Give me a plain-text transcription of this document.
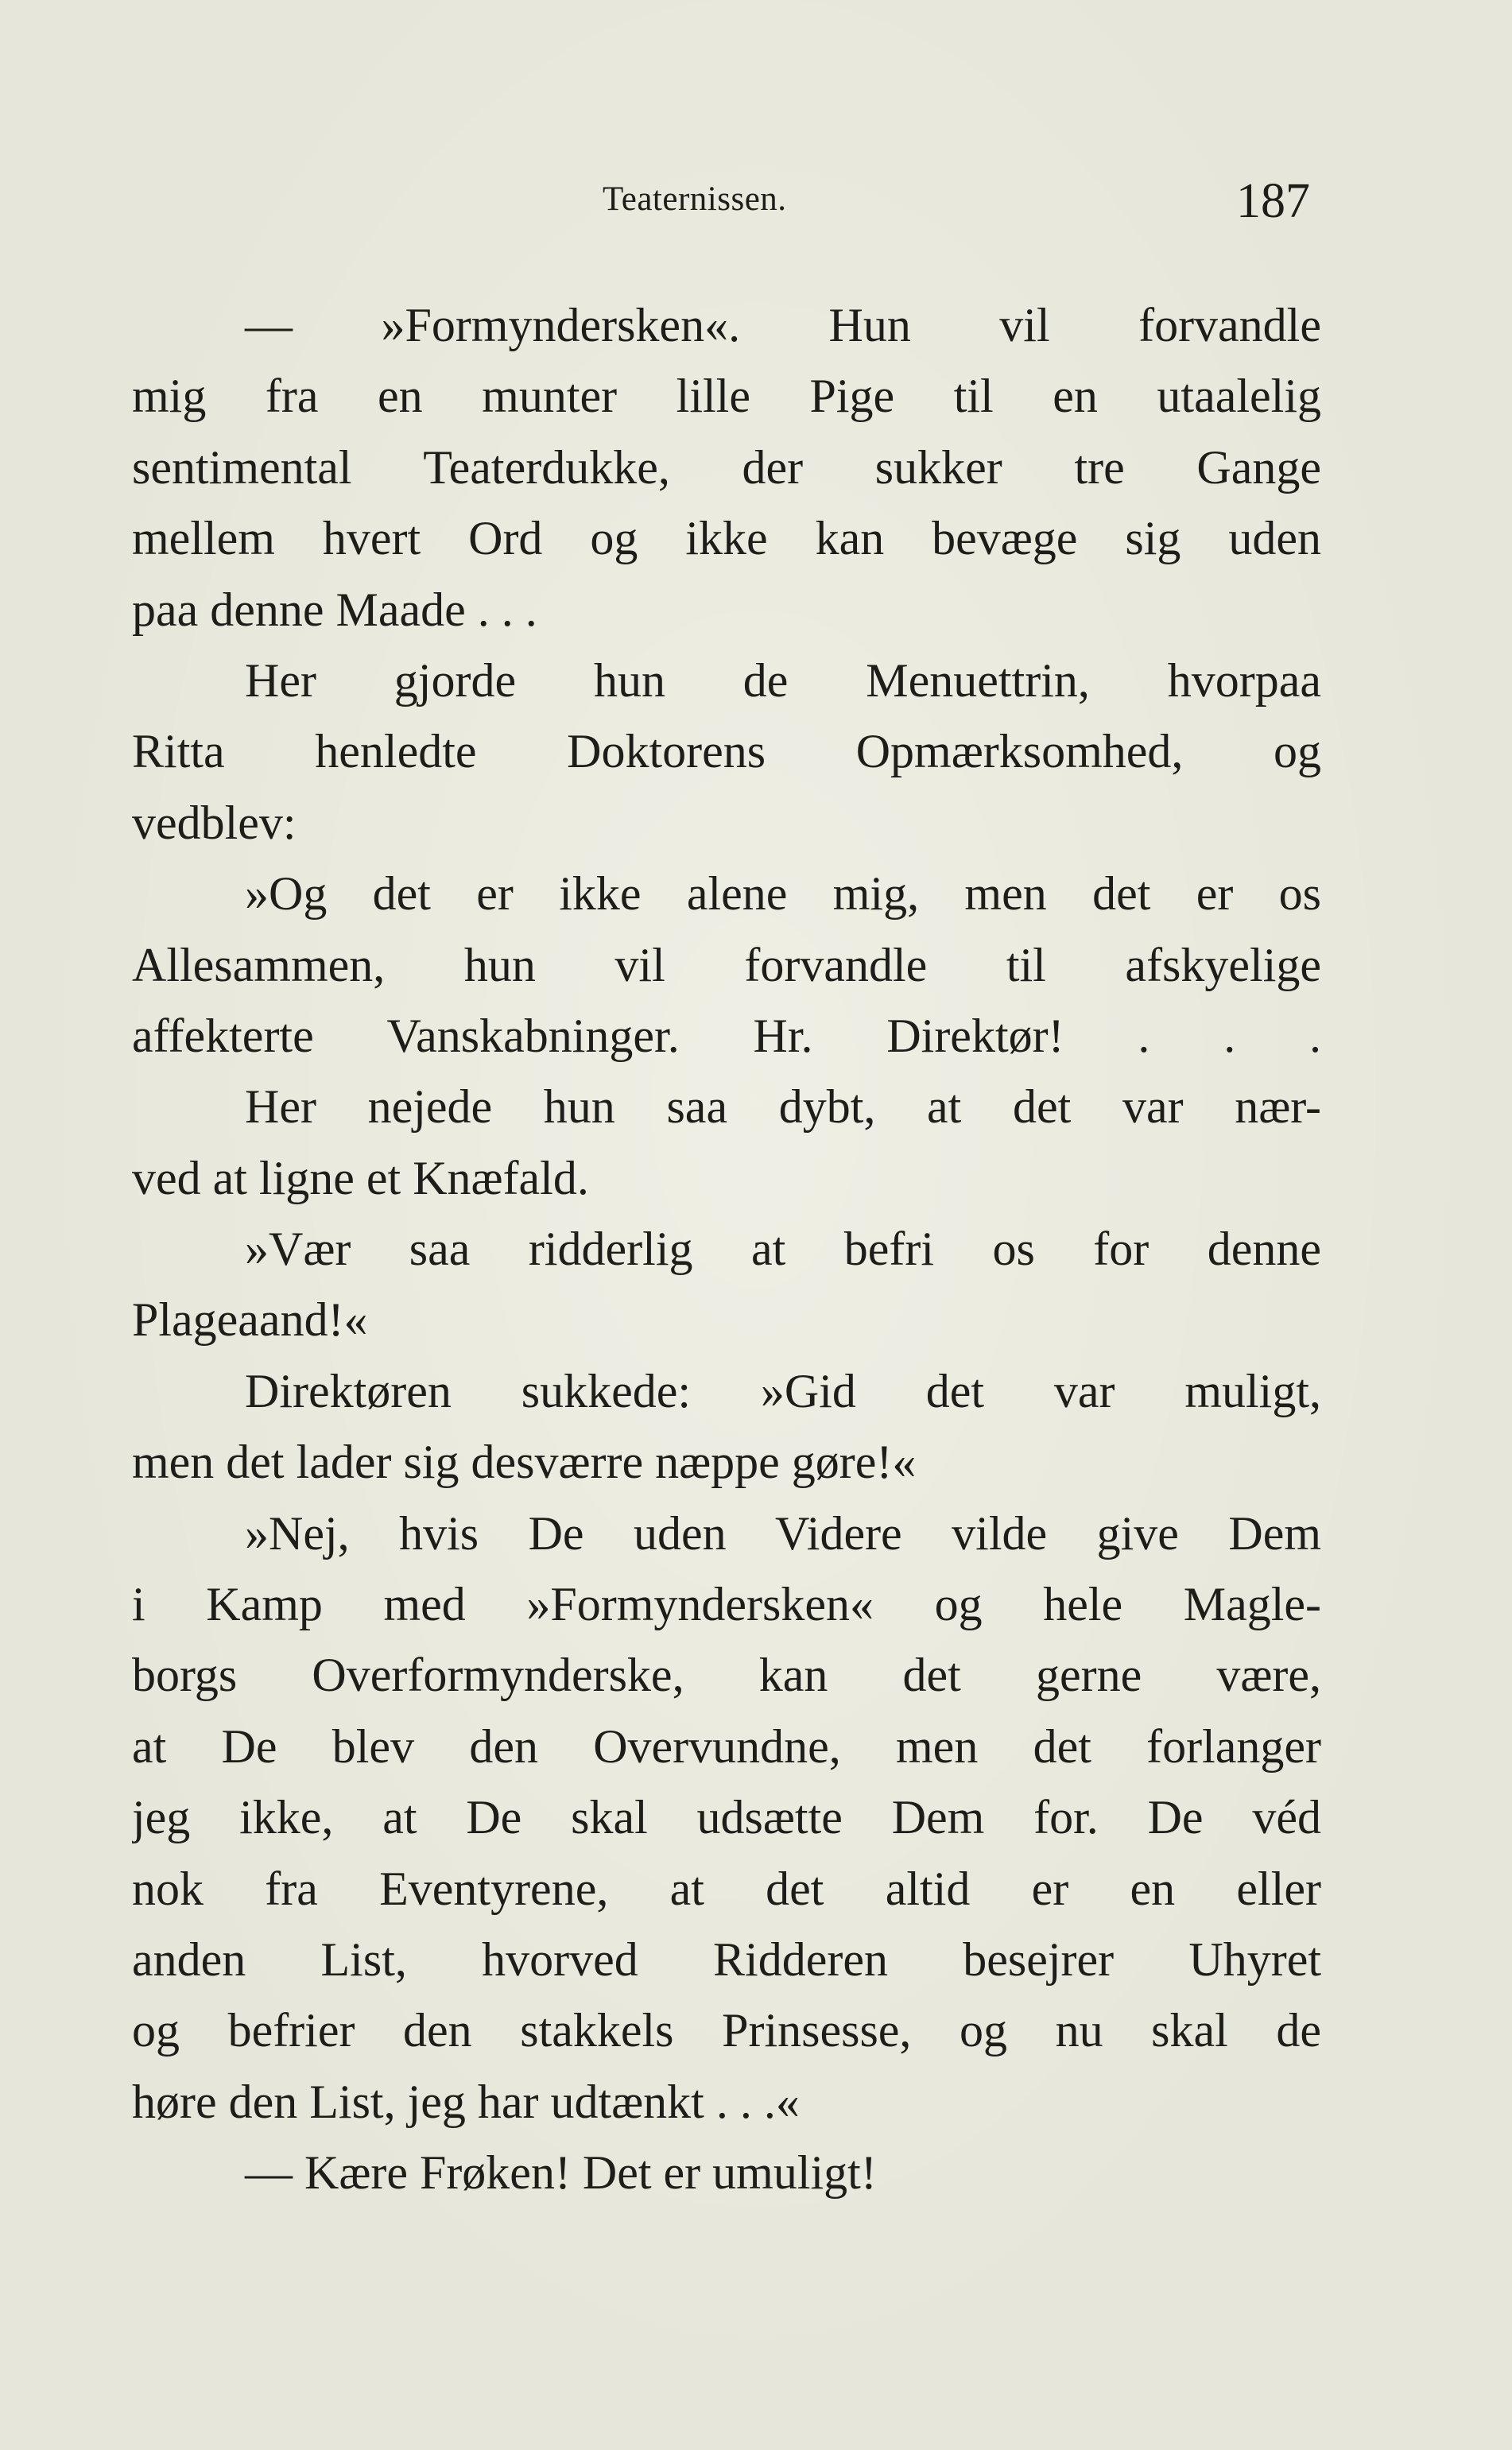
Teaternissen.	187
— »Formyndersken«. Hun vil forvandle
mig fra en munter lille Pige til en utaalelig
sentimental Teaterdukke, der sukker tre Gange
mellem hvert Ord og ikke kan bevæge sig uden
paa denne Maade . . .
Her gjorde hun de Menuettrin, hvorpaa
Ritta henledte Doktorens Opmærksomhed, og
vedblev:
»Og det er ikke alene mig, men det er os
Allesammen, hun vil forvandle til afskyelige
affekterte Vanskabninger. Hr. Direktør! . . .
Her nejede hun saa dybt, at det var nær-
ved at ligne et Knæfald.
»Vær saa ridderlig at befri os for denne
Plageaand!«
Direktøren sukkede: »Gid det var muligt,
men det lader sig desværre næppe gøre!«
»Nej, hvis De uden Videre vilde give Dem
i Kamp med »Formyndersken« og hele Magle-
borgs Overformynderske, kan det gerne være,
at De blev den Overvundne, men det forlanger
jeg ikke, at De skal udsætte Dem for. De véd
nok fra Eventyrene, at det altid er en eller
anden List, hvorved Ridderen besejrer Uhyret
og befrier den stakkels Prinsesse, og nu skal de
høre den List, jeg har udtænkt . . .«
— Kære Frøken! Det er umuligt!
